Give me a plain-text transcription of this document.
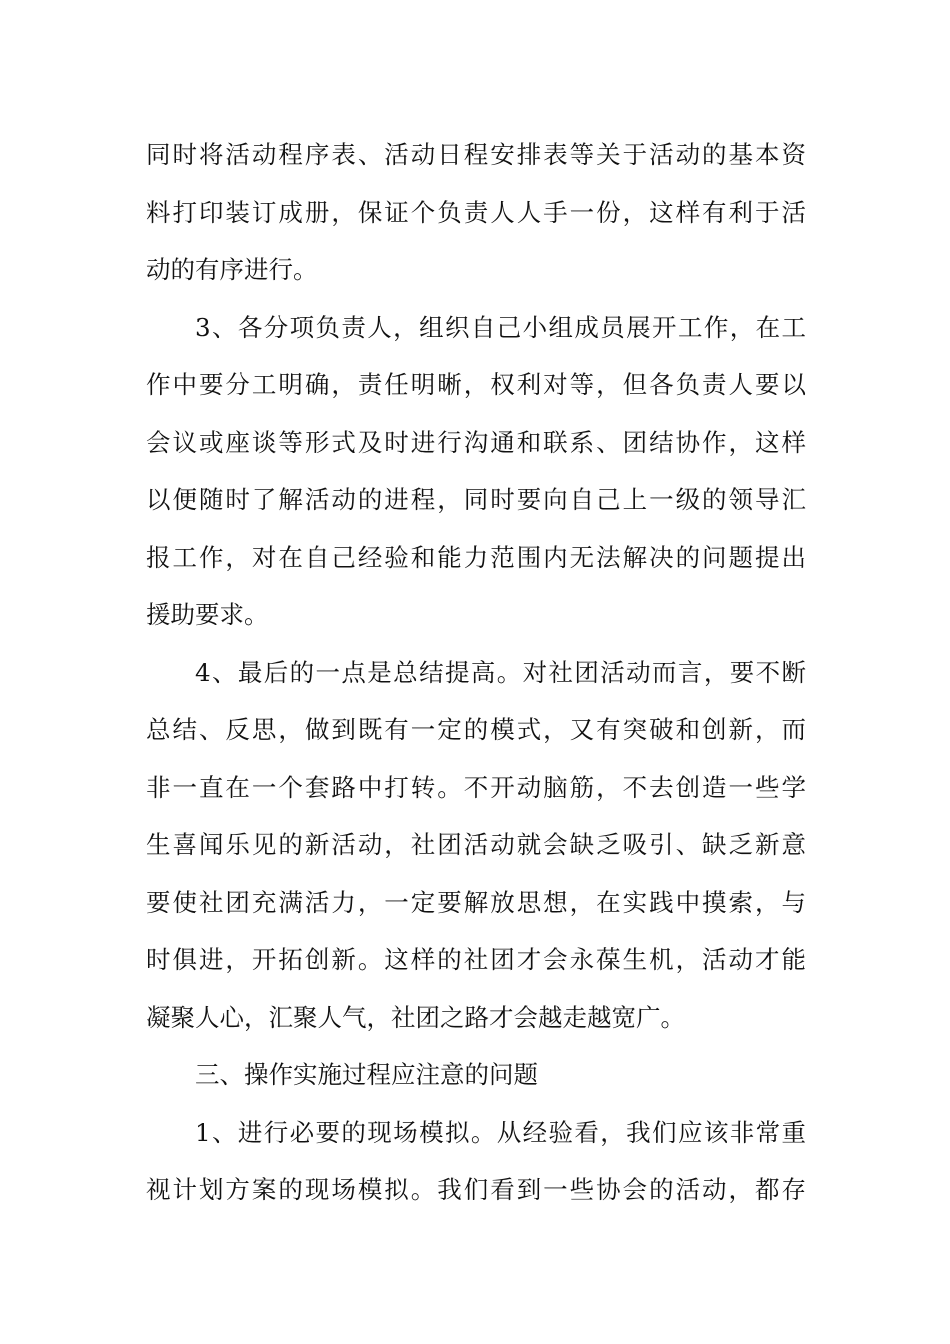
同时将活动程序表、活动日程安排表等关于活动的基本资
料打印装订成册，保证个负责人人手一份，这样有利于活
动的有序进行。
3、各分项负责人，组织自己小组成员展开工作，在工
作中要分工明确，责任明晰，权利对等，但各负责人要以
会议或座谈等形式及时进行沟通和联系、团结协作，这样
以便随时了解活动的进程，同时要向自己上一级的领导汇
报工作，对在自己经验和能力范围内无法解决的问题提出
援助要求。
4、最后的一点是总结提高。对社团活动而言，要不断
总结、反思，做到既有一定的模式，又有突破和创新，而
非一直在一个套路中打转。不开动脑筋，不去创造一些学
生喜闻乐见的新活动，社团活动就会缺乏吸引、缺乏新意
要使社团充满活力，一定要解放思想，在实践中摸索，与
时俱进，开拓创新。这样的社团才会永葆生机，活动才能
凝聚人心，汇聚人气，社团之路才会越走越宽广。
三、操作实施过程应注意的问题
1、进行必要的现场模拟。从经验看，我们应该非常重
视计划方案的现场模拟。我们看到一些协会的活动，都存
